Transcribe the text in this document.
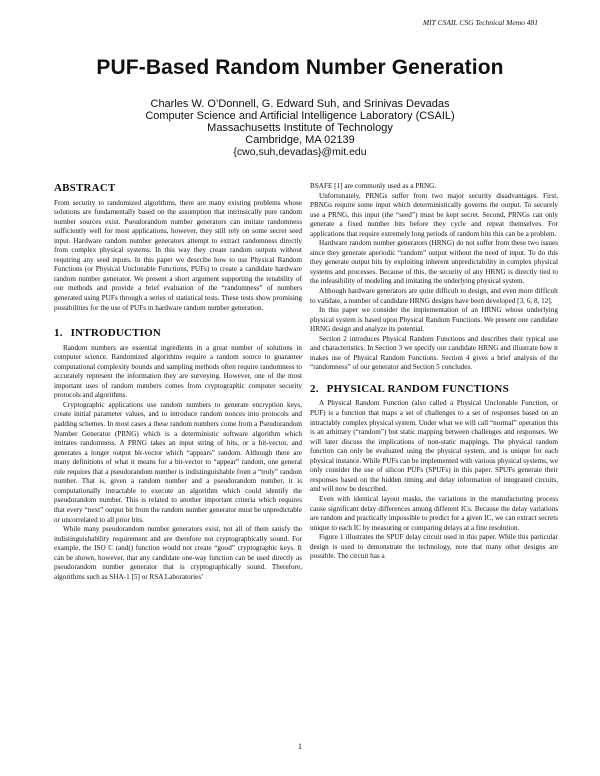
MIT CSAIL CSG Technical Memo 481
PUF-Based Random Number Generation
Charles W. O’Donnell, G. Edward Suh, and Srinivas Devadas
Computer Science and Artificial Intelligence Laboratory (CSAIL)
Massachusetts Institute of Technology
Cambridge, MA 02139
{cwo,suh,devadas}@mit.edu
ABSTRACT

From security to randomized algorithms, there are many existing problems whose solutions are fundamentally based on the assumption that intrinsically pure random number sources exist. Pseudorandom number generators can imitate randomness sufficiently well for most applications, however, they still rely on some secret seed input. Hardware random number generators attempt to extract randomness directly from complex physical systems. In this way they create random outputs without requiring any seed inputs. In this paper we describe how to use Physical Random Functions (or Physical Unclonable Functions, PUFs) to create a candidate hardware random number generator. We present a short argument supporting the tenability of our methods and provide a brief evaluation of the “randomness” of numbers generated using PUFs through a series of statistical tests. These tests show promising possibilities for the use of PUFs in hardware random number generation.

1. INTRODUCTION

Random numbers are essential ingredients in a great number of solutions in computer science. Randomized algorithms require a random source to guarantee computational complexity bounds and sampling methods often require randomness to accurately represent the information they are surveying. However, one of the most important uses of random numbers comes from cryptographic computer security protocols and algorithms.

Cryptographic applications use random numbers to generate encryption keys, create initial parameter values, and to introduce random nonces into protocols and padding schemes. In most cases a these random numbers come from a Pseudorandom Number Generator (PRNG) which is a deterministic software algorithm which imitates randomness. A PRNG takes an input string of bits, or a bit-vector, and generates a longer output bit-vector which “appears” random. Although there are many definitions of what it means for a bit-vector to “appear” random, one general rule requires that a pseudorandom number is indistinguishable from a “truly” random number. That is, given a random number and a pseudorandom number, it is computationally intractable to execute an algorithm which could identify the pseudorandom number. This is related to another important criteria which requires that every “next” output bit from the random number generator must be unpredictable or uncorrelated to all prior bits.

While many pseudorandom number generators exist, not all of them satisfy the indistinguishability requirement and are therefore not cryptographically sound. For example, the ISO C rand() function would not create “good” cryptographic keys. It can be shown, however, that any candidate one-way function can be used directly as pseudorandom number generator that is cryptographically sound. Therefore, algorithms such as SHA-1 [5] or RSA Laboratories’

BSAFE [1] are commonly used as a PRNG.

Unfortunately, PRNGs suffer from two major security disadvantages. First, PRNGs require some input which deterministically governs the output. To securely use a PRNG, this input (the “seed”) must be kept secret. Second, PRNGs can only generate a fixed number bits before they cycle and repeat themselves. For applications that require extremely long periods of random bits this can be a problem.

Hardware random number generators (HRNG) do not suffer from these two issues since they generate aperiodic “random” output without the need of input. To do this they generate output bits by exploiting inherent unpredictability in complex physical systems and processes. Because of this, the security of any HRNG is directly tied to the infeasibility of modeling and imitating the underlying physical system.

Although hardware generators are quite difficult to design, and even more difficult to validate, a number of candidate HRNG designs have been developed [3, 6, 8, 12].

In this paper we consider the implementation of an HRNG whose underlying physical system is based upon Physical Random Functions. We present one candidate HRNG design and analyze its potential.

Section 2 introduces Physical Random Functions and describes their typical use and characteristics. In Section 3 we specify our candidate HRNG and illustrate how it makes use of Physical Random Functions. Section 4 gives a brief analysis of the “randomness” of our generator and Section 5 concludes.

2. PHYSICAL RANDOM FUNCTIONS

A Physical Random Function (also called a Physical Unclonable Function, or PUF) is a function that maps a set of challenges to a set of responses based on an intractably complex physical system. Under what we will call “normal” operation this is an arbitrary (“random”) but static mapping between challenges and responses. We will later discuss the implications of non-static mappings. The physical random function can only be evaluated using the physical system, and is unique for each physical instance. While PUFs can be implemented with various physical systems, we only consider the use of silicon PUFs (SPUFs) in this paper. SPUFs generate their responses based on the hidden timing and delay information of integrated circuits, and will now be described.

Even with identical layout masks, the variations in the manufacturing process cause significant delay differences among different ICs. Because the delay variations are random and practically impossible to predict for a given IC, we can extract secrets unique to each IC by measuring or comparing delays at a fine resolution.

Figure 1 illustrates the SPUF delay circuit used in this paper. While this particular design is used to demonstrate the technology, note that many other designs are possible. The circuit has a

1
